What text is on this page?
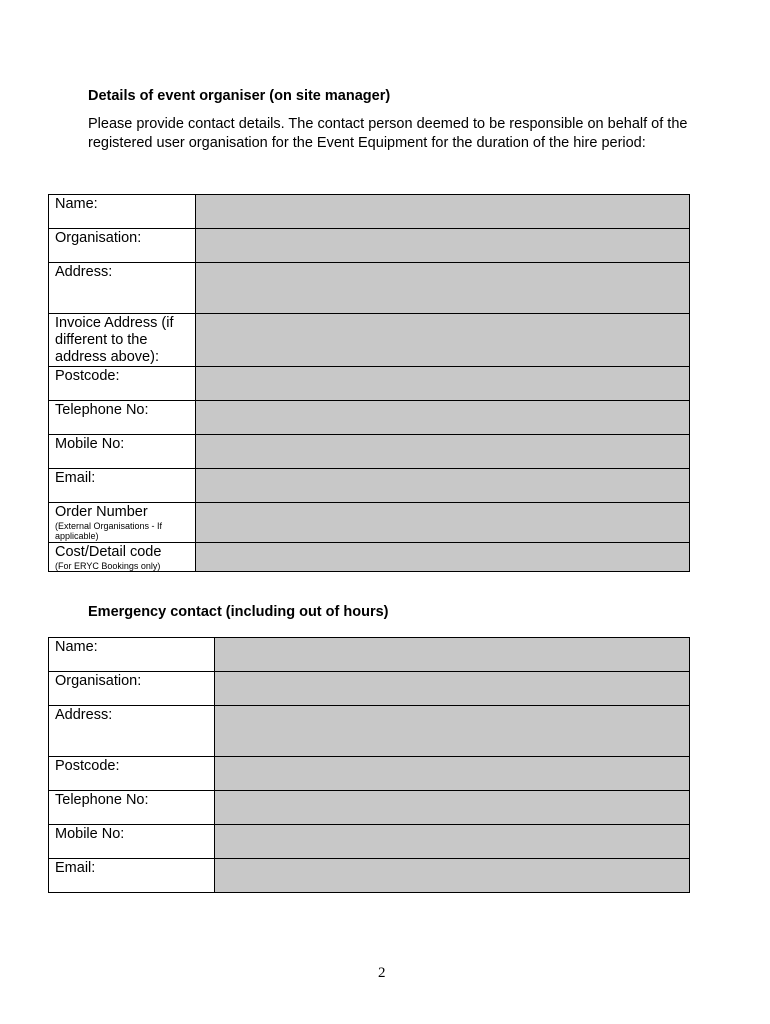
Details of event organiser (on site manager)
Please provide contact details. The contact person deemed to be responsible on behalf of the registered user organisation for the Event Equipment for the duration of the hire period:
Name:	
Organisation:	
Address:	
Invoice Address (if different to the address above):	
Postcode:	
Telephone No:	
Mobile No:	
Email:	
Order Number
(External Organisations - If applicable)	

Cost/Detail code
(For ERYC Bookings only)	

Emergency contact (including out of hours)
Name:	
Organisation:	
Address:	
Postcode:	
Telephone No:	
Mobile No:	
Email:	
2
